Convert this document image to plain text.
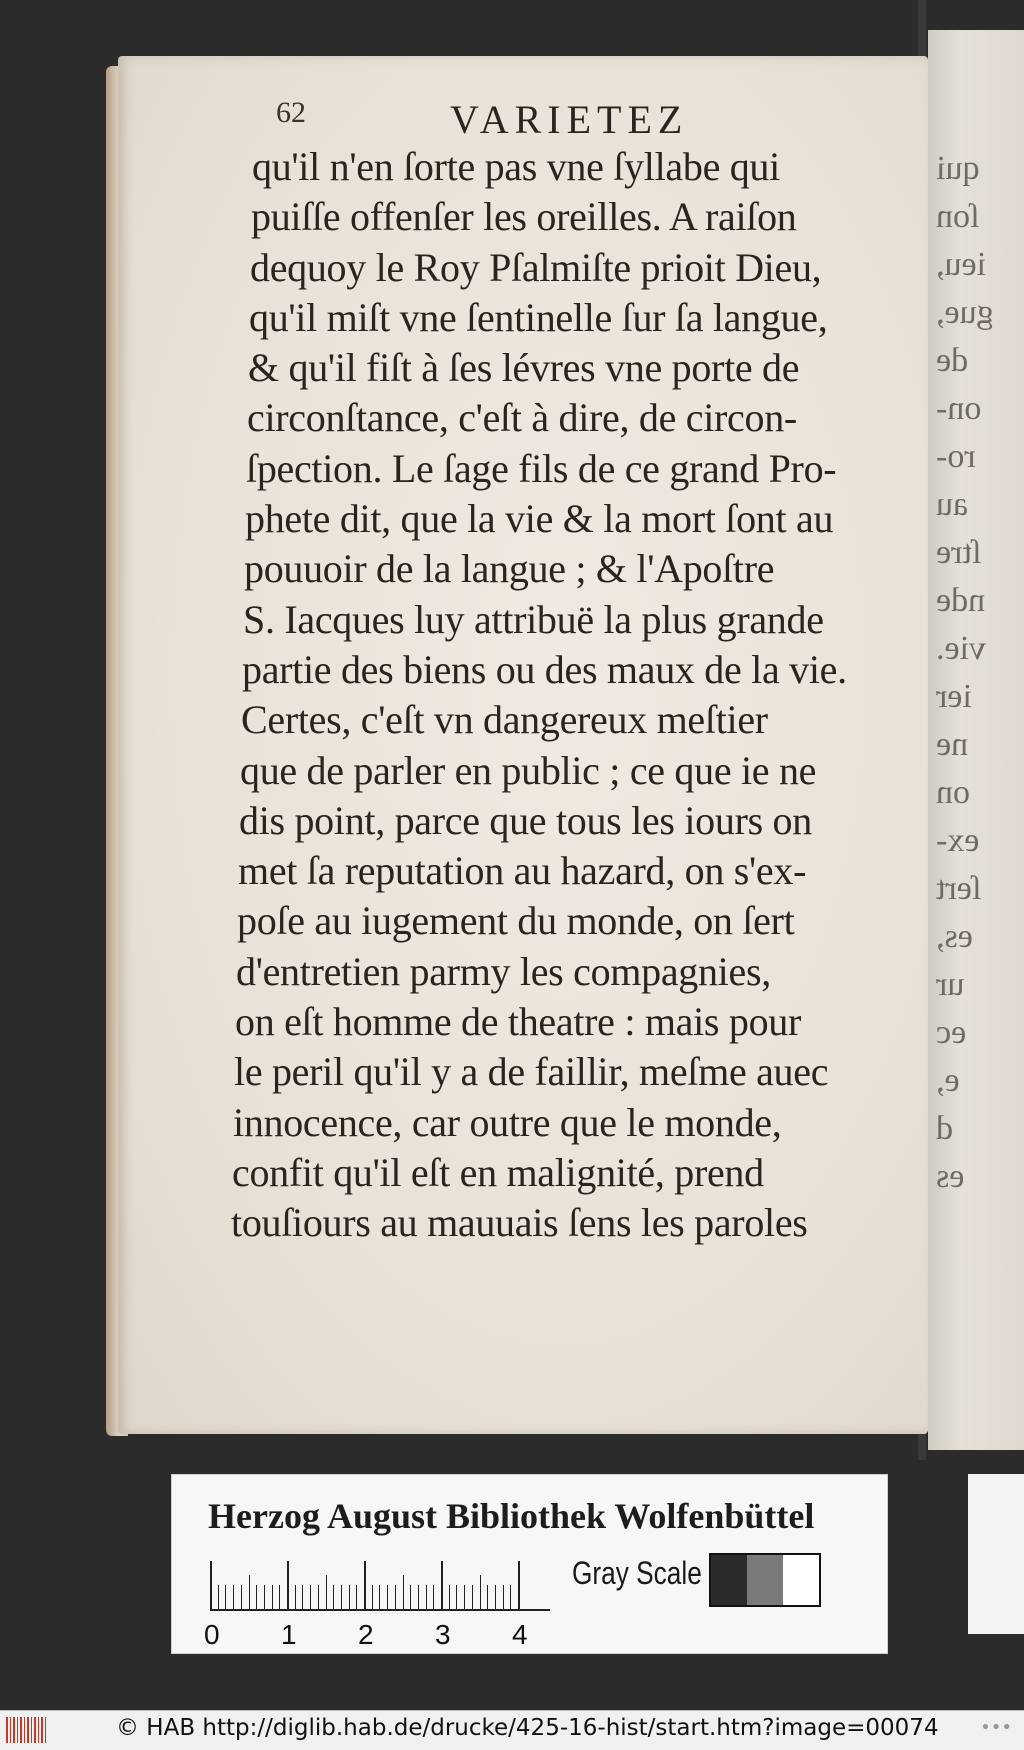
qui
ſon
ieu,
gue,
de
on-
ro-
au
ſtre
nde
vie.
ier
ne
on
ex-
ſert
es,
ur
ec
e,
d
es
62	VARIETEZ
qu'il n'en ſorte pas vne ſyllabe qui
puiſſe offenſer les oreilles. A raiſon
dequoy le Roy Pſalmiſte prioit Dieu,
qu'il miſt vne ſentinelle ſur ſa langue,
& qu'il fiſt à ſes lévres vne porte de
circonſtance, c'eſt à dire, de circon-
ſpection. Le ſage fils de ce grand Pro-
phete dit, que la vie & la mort ſont au
pouuoir de la langue ; & l'Apoſtre
S. Iacques luy attribuë la plus grande
partie des biens ou des maux de la vie.
Certes, c'eſt vn dangereux meſtier
que de parler en public ; ce que ie ne
dis point, parce que tous les iours on
met ſa reputation au hazard, on s'ex-
poſe au iugement du monde, on ſert
d'entretien parmy les compagnies,
on eſt homme de theatre : mais pour
le peril qu'il y a de faillir, meſme auec
innocence, car outre que le monde,
confit qu'il eſt en malignité, prend
touſiours au mauuais ſens les paroles
Herzog August Bibliothek Wolfenbüttel
0 1 2 3 4
Gray Scale
© HAB http://diglib.hab.de/drucke/425-16-hist/start.htm?image=00074 •••
